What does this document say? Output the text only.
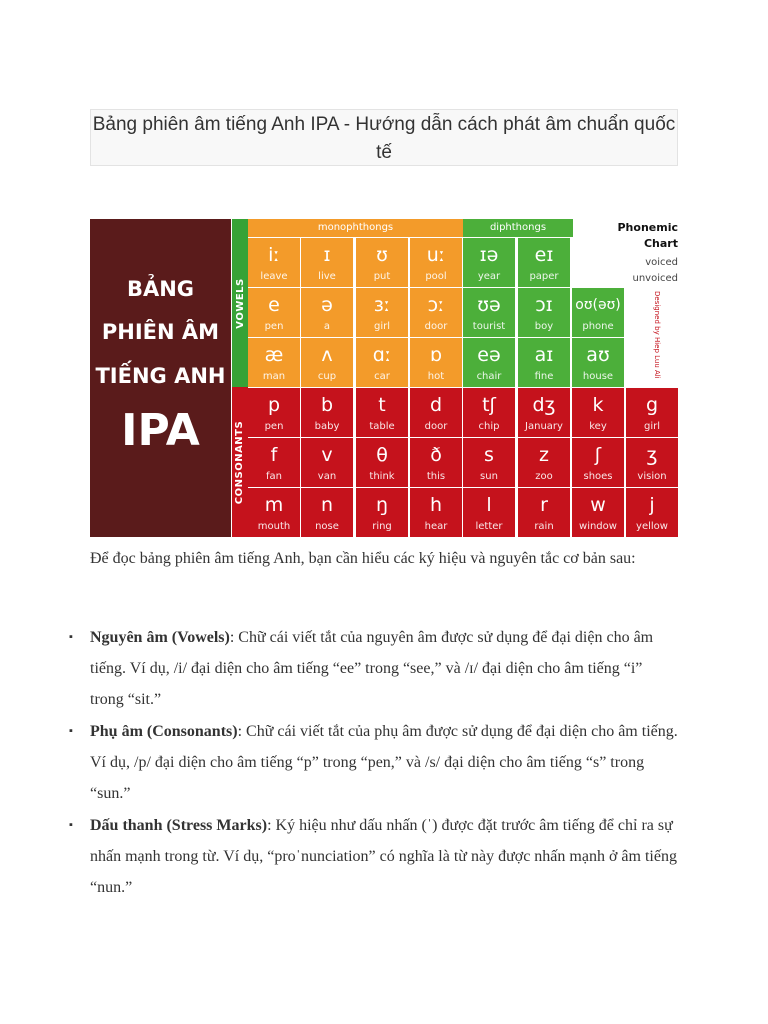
Bảng phiên âm tiếng Anh IPA - Hướng dẫn cách phát âm chuẩn quốc tế
BẢNG
PHIÊN ÂM
TIẾNG ANH
IPA
VOWELS
CONSONANTS
monophthongs	diphthongs	Phonemic
Chart
voiced
unvoiced
Designed by Hiep Luu Ali
iː
leave
ɪ
live
ʊ
put
uː
pool
ɪə
year
eɪ
paper
e
pen
ə
a
ɜː
girl
ɔː
door
ʊə
tourist
ɔɪ
boy
oʊ(əʊ)
phone
æ
man
ʌ
cup
ɑː
car
ɒ
hot
eə
chair
aɪ
fine
aʊ
house
p
pen
b
baby
t
table
d
door
tʃ
chip
dʒ
January
k
key
g
girl
f
fan
v
van
θ
think
ð
this
s
sun
z
zoo
ʃ
shoes
ʒ
vision
m
mouth
n
nose
ŋ
ring
h
hear
l
letter
r
rain
w
window
j
yellow
Để đọc bảng phiên âm tiếng Anh, bạn cần hiểu các ký hiệu và nguyên tắc cơ bản sau:
▪ Nguyên âm (Vowels): Chữ cái viết tắt của nguyên âm được sử dụng để đại diện cho âm tiếng. Ví dụ, /i/ đại diện cho âm tiếng “ee” trong “see,” và /ɪ/ đại diện cho âm tiếng “i” trong “sit.”
▪ Phụ âm (Consonants): Chữ cái viết tắt của phụ âm được sử dụng để đại diện cho âm tiếng. Ví dụ, /p/ đại diện cho âm tiếng “p” trong “pen,” và /s/ đại diện cho âm tiếng “s” trong “sun.”
▪ Dấu thanh (Stress Marks): Ký hiệu như dấu nhấn (ˈ) được đặt trước âm tiếng để chỉ ra sự nhấn mạnh trong từ. Ví dụ, “proˈnunciation” có nghĩa là từ này được nhấn mạnh ở âm tiếng “nun.”
